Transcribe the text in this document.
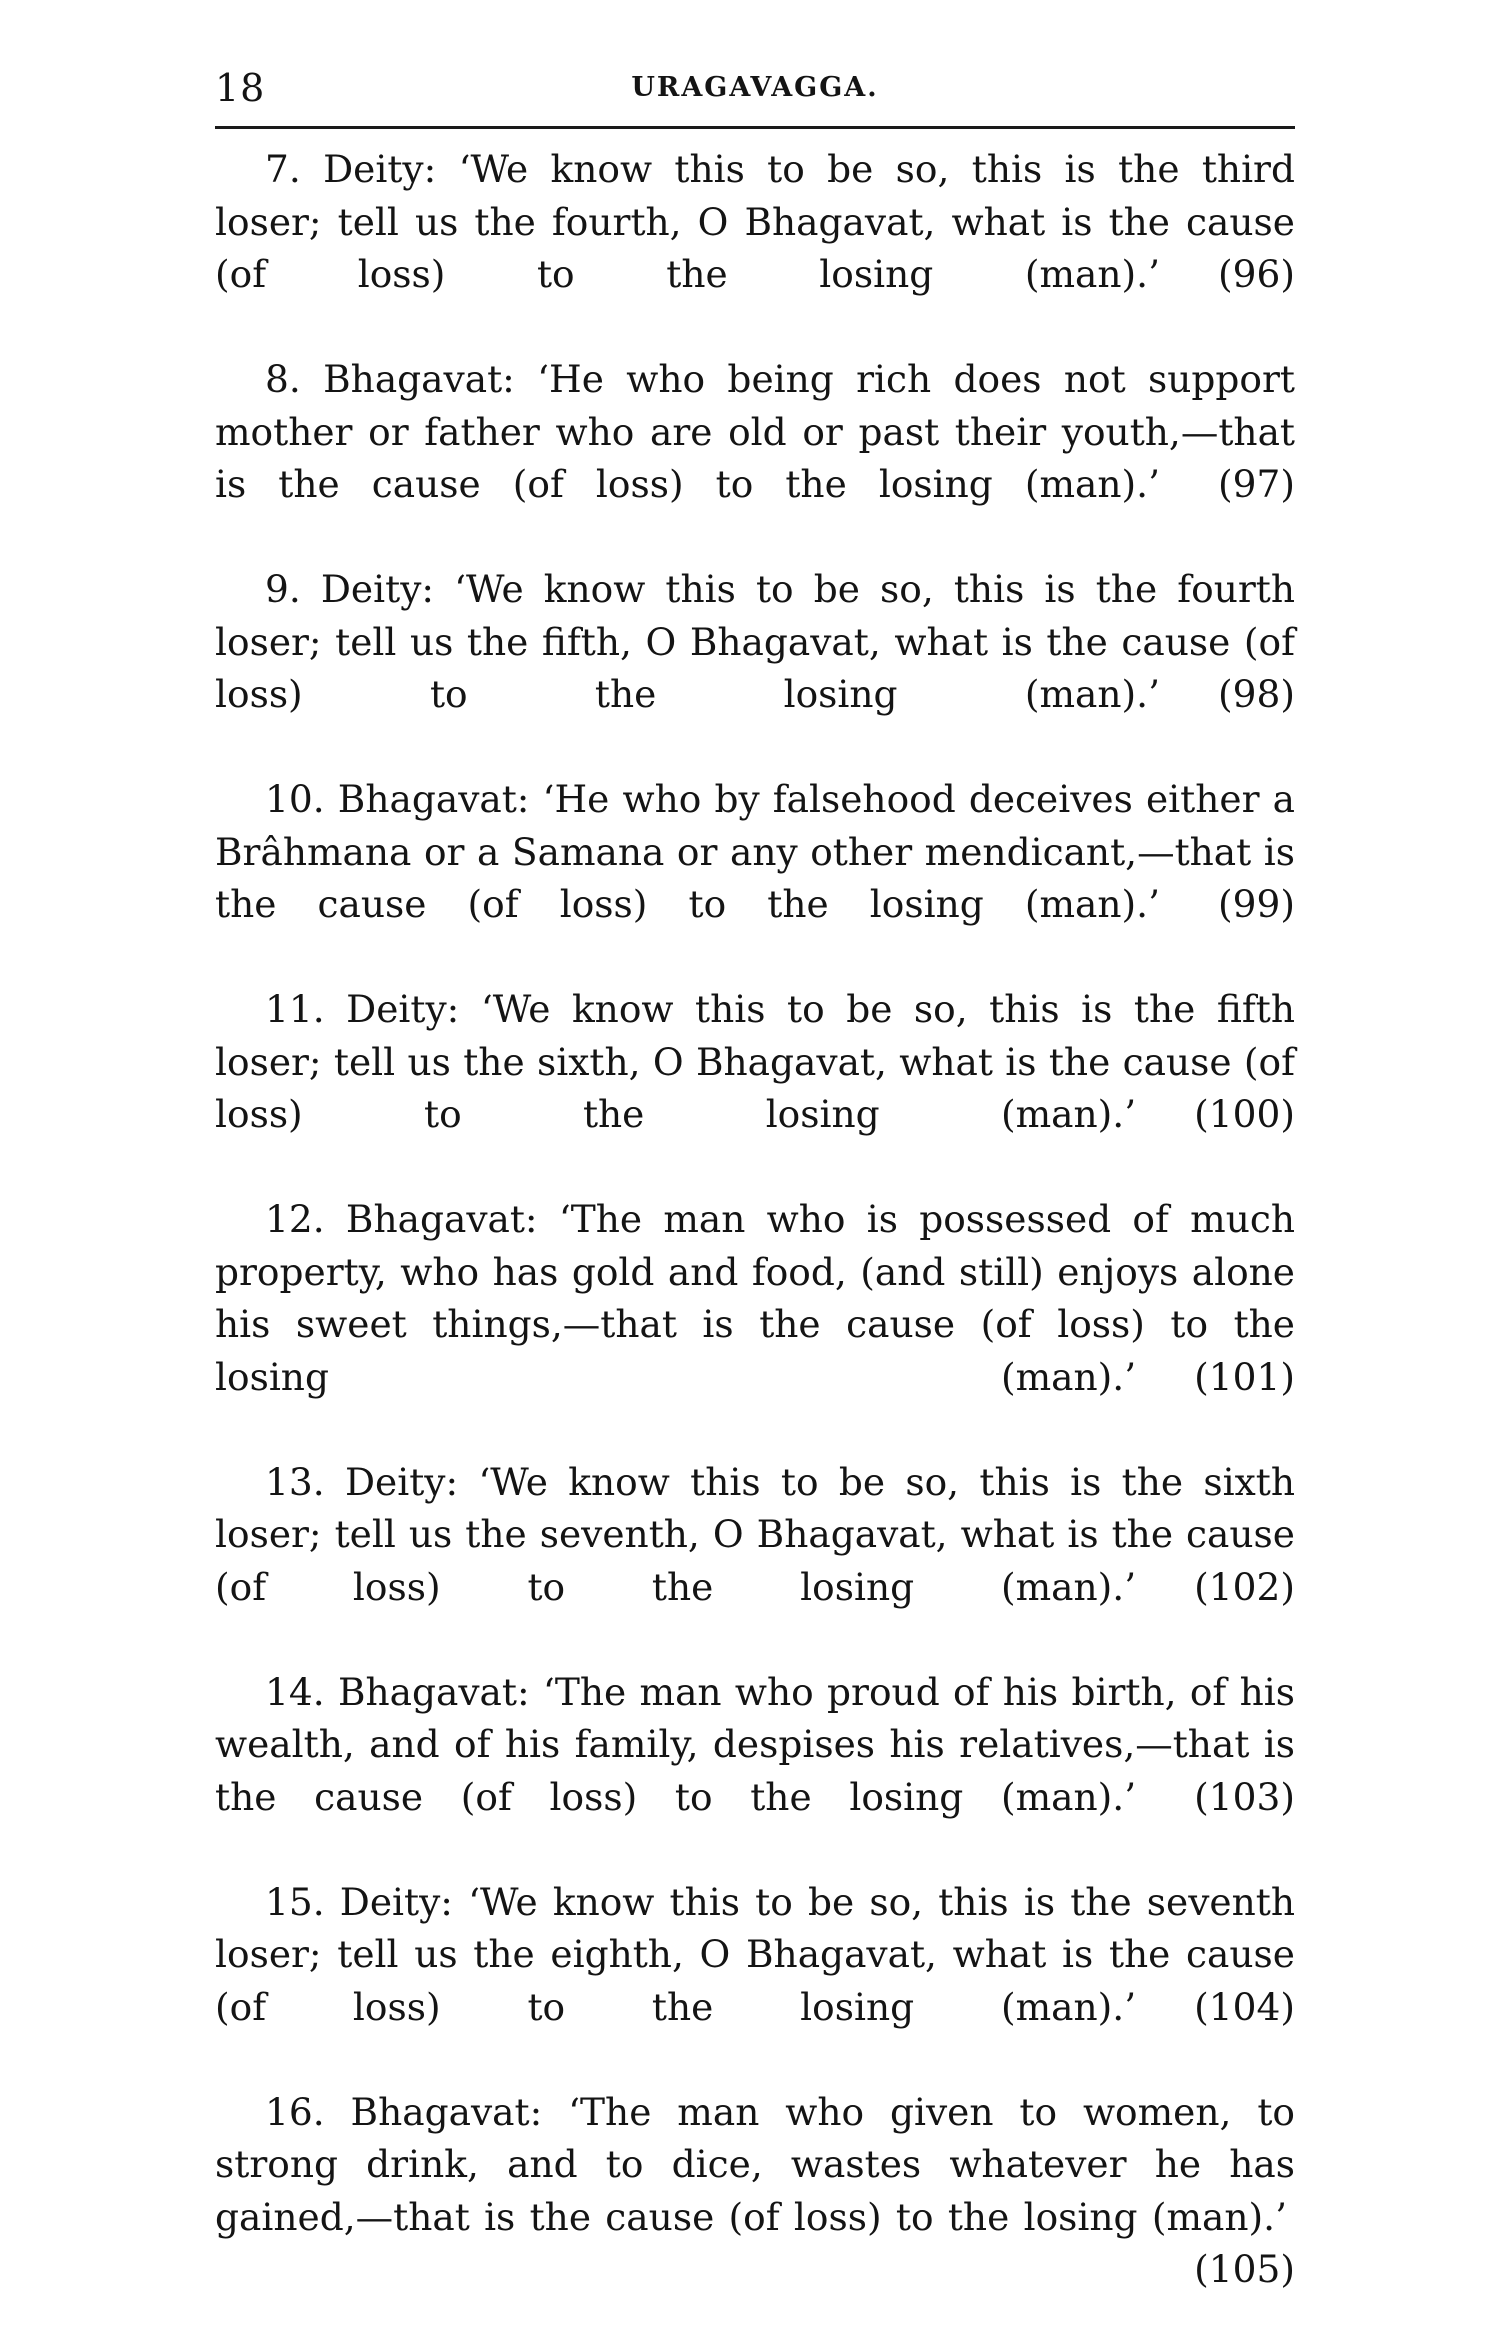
18	URAGAVAGGA.

7. Deity: ‘We know this to be so, this is the third loser; tell us the fourth, O Bhagavat, what is the cause (of loss) to the losing (man).’	(96)

8. Bhagavat: ‘He who being rich does not support mother or father who are old or past their youth,—that is the cause (of loss) to the losing (man).’	(97)

9. Deity: ‘We know this to be so, this is the fourth loser; tell us the fifth, O Bhagavat, what is the cause (of loss) to the losing (man).’	(98)

10. Bhagavat: ‘He who by falsehood deceives either a Brâhmana or a Samana or any other mendicant,—that is the cause (of loss) to the losing (man).’	(99)

11. Deity: ‘We know this to be so, this is the fifth loser; tell us the sixth, O Bhagavat, what is the cause (of loss) to the losing (man).’	(100)

12. Bhagavat: ‘The man who is possessed of much property, who has gold and food, (and still) enjoys alone his sweet things,—that is the cause (of loss) to the losing (man).’	(101)

13. Deity: ‘We know this to be so, this is the sixth loser; tell us the seventh, O Bhagavat, what is the cause (of loss) to the losing (man).’	(102)

14. Bhagavat: ‘The man who proud of his birth, of his wealth, and of his family, despises his relatives,—that is the cause (of loss) to the losing (man).’	(103)

15. Deity: ‘We know this to be so, this is the seventh loser; tell us the eighth, O Bhagavat, what is the cause (of loss) to the losing (man).’	(104)

16. Bhagavat: ‘The man who given to women, to strong drink, and to dice, wastes whatever he has gained,—that is the cause (of loss) to the losing (man).’
(105)
